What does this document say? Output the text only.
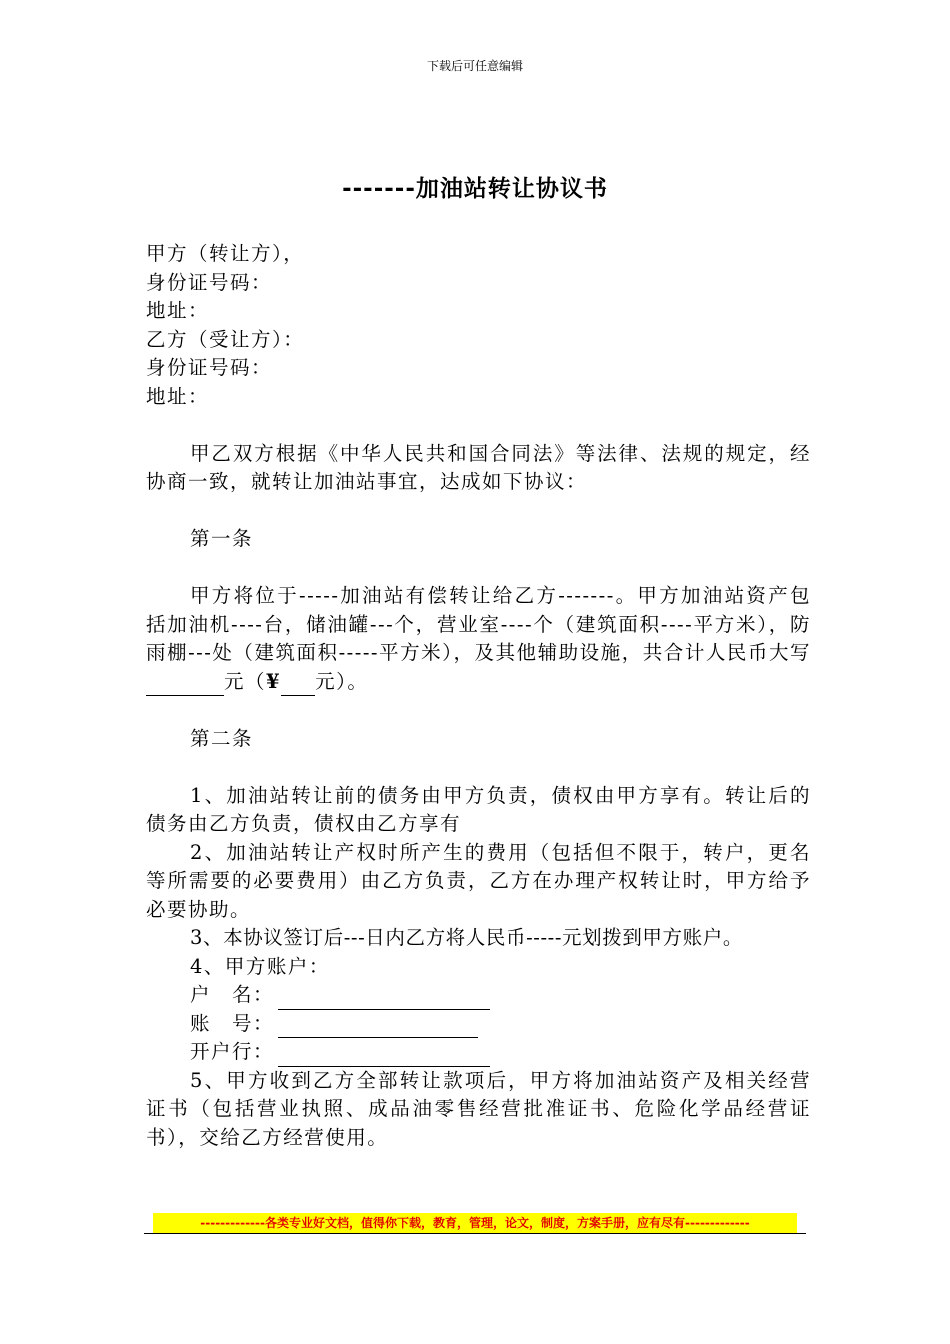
下载后可任意编辑
-------加油站转让协议书

甲方（转让方），

身份证号码：

地址：

乙方（受让方）：

身份证号码：

地址：

甲乙双方根据《中华人民共和国合同法》等法律、法规的规定，经协商一致，就转让加油站事宜，达成如下协议：

第一条

甲方将位于-----加油站有偿转让给乙方-------。甲方加油站资产包括加油机----台，储油罐---个，营业室----个（建筑面积----平方米），防雨棚---处（建筑面积-----平方米），及其他辅助设施，共合计人民币大写元（¥ 元）。

第二条

1、加油站转让前的债务由甲方负责，债权由甲方享有。转让后的债务由乙方负责，债权由乙方享有

2、加油站转让产权时所产生的费用（包括但不限于，转户，更名等所需要的必要费用）由乙方负责，乙方在办理产权转让时，甲方给予必要协助。

3、本协议签订后---日内乙方将人民币-----元划拨到甲方账户。

4、甲方账户：

户　名：

账　号：

开户行：

5、甲方收到乙方全部转让款项后，甲方将加油站资产及相关经营证书（包括营业执照、成品油零售经营批准证书、危险化学品经营证书），交给乙方经营使用。

-------------各类专业好文档，值得你下载，教育，管理，论文，制度，方案手册，应有尽有-------------
